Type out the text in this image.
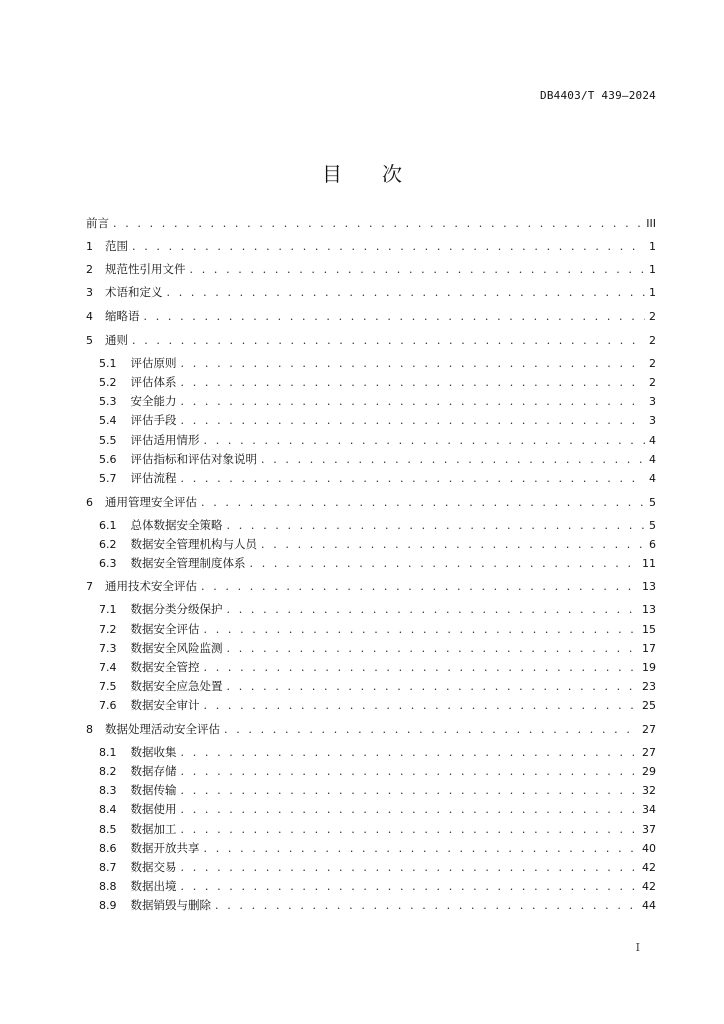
DB4403/T 439—2024
目　　次
前言 . . .	III
1	范围 . . .	1
2	规范性引用文件 . . .	1
3	术语和定义 . . .	1
4	缩略语 . . .	2
5	通则 . . .	2
5.1	评估原则 . . .	2
5.2	评估体系 . . .	2
5.3	安全能力 . . .	3
5.4	评估手段 . . .	3
5.5	评估适用情形 . . .	4
5.6	评估指标和评估对象说明 . . .	4
5.7	评估流程 . . .	4
6	通用管理安全评估 . . .	5
6.1	总体数据安全策略 . . .	5
6.2	数据安全管理机构与人员 . . .	6
6.3	数据安全管理制度体系 . . .	11
7	通用技术安全评估 . . .	13
7.1	数据分类分级保护 . . .	13
7.2	数据安全评估 . . .	15
7.3	数据安全风险监测 . . .	17
7.4	数据安全管控 . . .	19
7.5	数据安全应急处置 . . .	23
7.6	数据安全审计 . . .	25
8	数据处理活动安全评估 . . .	27
8.1	数据收集 . . .	27
8.2	数据存储 . . .	29
8.3	数据传输 . . .	32
8.4	数据使用 . . .	34
8.5	数据加工 . . .	37
8.6	数据开放共享 . . .	40
8.7	数据交易 . . .	42
8.8	数据出境 . . .	42
8.9	数据销毁与删除 . . .	44
I
